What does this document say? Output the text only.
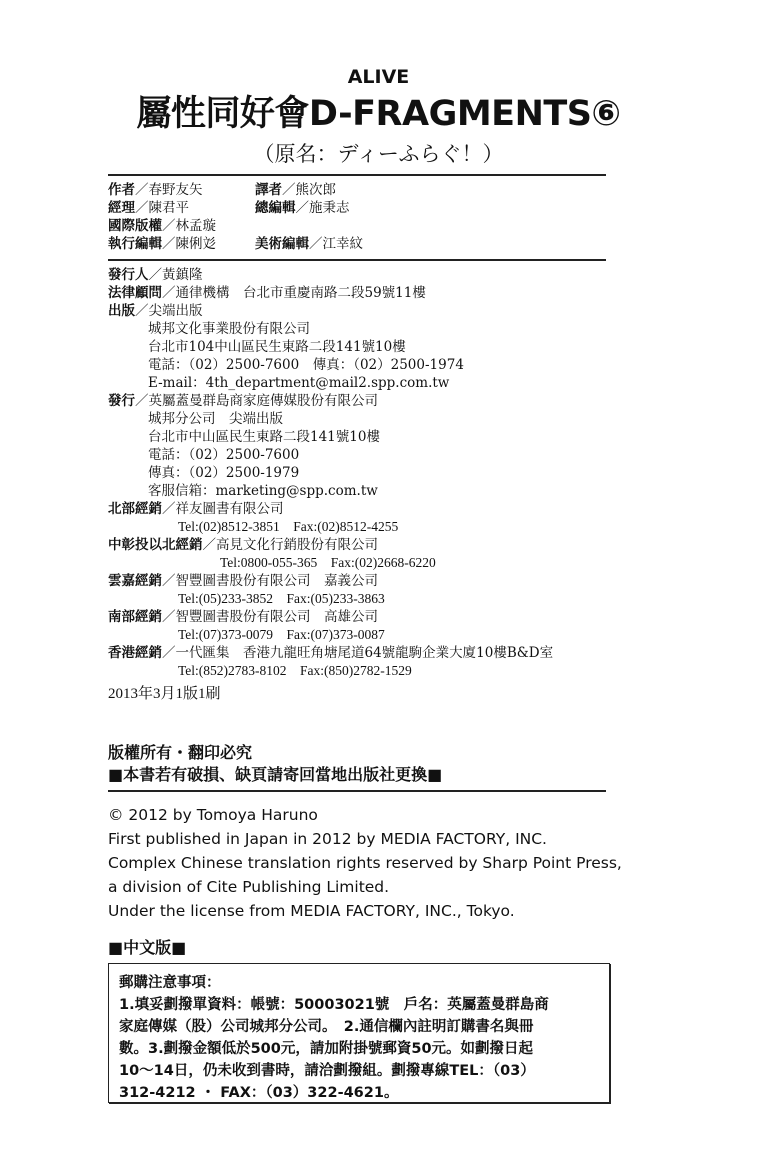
ALIVE
屬性同好會D-FRAGMENTS⑥
（原名：ディーふらぐ！）
作者／春野友矢	譯者／熊次郎
經理／陳君平	總編輯／施秉志
國際版權／林孟璇
執行編輯／陳俐彣	美術編輯／江幸紋
發行人／黃鎮隆
法律顧問／通律機構　台北市重慶南路二段59號11樓
出版／尖端出版
城邦文化事業股份有限公司
台北市104中山區民生東路二段141號10樓
電話：（02）2500-7600　傳真：（02）2500-1974
E-mail：4th_department@mail2.spp.com.tw
發行／英屬蓋曼群島商家庭傳媒股份有限公司
城邦分公司　尖端出版
台北市中山區民生東路二段141號10樓
電話：（02）2500-7600
傳真：（02）2500-1979
客服信箱：marketing@spp.com.tw
北部經銷／祥友圖書有限公司
Tel:(02)8512-3851　Fax:(02)8512-4255
中彰投以北經銷／高見文化行銷股份有限公司
Tel:0800-055-365　Fax:(02)2668-6220
雲嘉經銷／智豐圖書股份有限公司　嘉義公司
Tel:(05)233-3852　Fax:(05)233-3863
南部經銷／智豐圖書股份有限公司　高雄公司
Tel:(07)373-0079　Fax:(07)373-0087
香港經銷／一代匯集　香港九龍旺角塘尾道64號龍駒企業大廈10樓B&D室
Tel:(852)2783-8102　Fax:(850)2782-1529
2013年3月1版1刷
版權所有・翻印必究
■本書若有破損、缺頁請寄回當地出版社更換■
© 2012 by Tomoya Haruno
First published in Japan in 2012 by MEDIA FACTORY, INC.
Complex Chinese translation rights reserved by Sharp Point Press,
a division of Cite Publishing Limited.
Under the license from MEDIA FACTORY, INC., Tokyo.
■中文版■
郵購注意事項：
1.填妥劃撥單資料：帳號：50003021號　戶名：英屬蓋曼群島商
家庭傳媒（股）公司城邦分公司。　2.通信欄內註明訂購書名與冊
數。3.劃撥金額低於500元，請加附掛號郵資50元。如劃撥日起
10～14日，仍未收到書時，請洽劃撥組。劃撥專線TEL：（03）
312-4212 ・ FAX：（03）322-4621。
